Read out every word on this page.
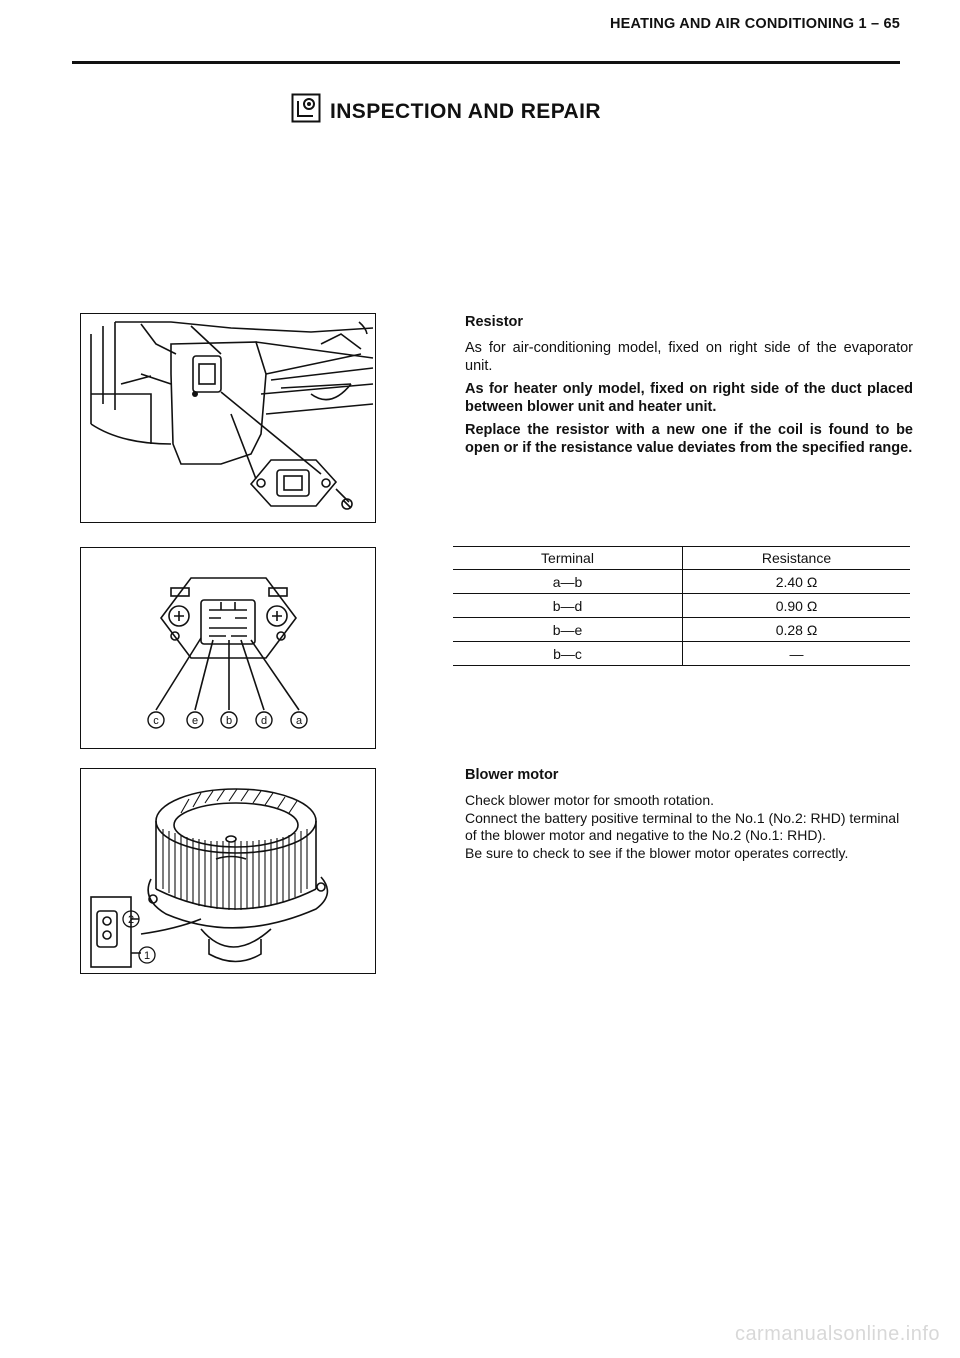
HEATING AND AIR CONDITIONING 1 – 65
INSPECTION AND REPAIR
c	e	b	d	a
2
1
Resistor

As for air-conditioning model, fixed on right side of the evaporator unit.

As for heater only model, fixed on right side of the duct placed between blower unit and heater unit.

Replace the resistor with a new one if the coil is found to be open or if the resistance value deviates from the specified range.

Terminal	Resistance
a—b	2.40 Ω
b—d	0.90 Ω
b—e	0.28 Ω
b—c	—
Blower motor

Check blower motor for smooth rotation.

Connect the battery positive terminal to the No.1 (No.2: RHD) terminal of the blower motor and negative to the No.2 (No.1: RHD).

Be sure to check to see if the blower motor operates correctly.

carmanualsonline.info
